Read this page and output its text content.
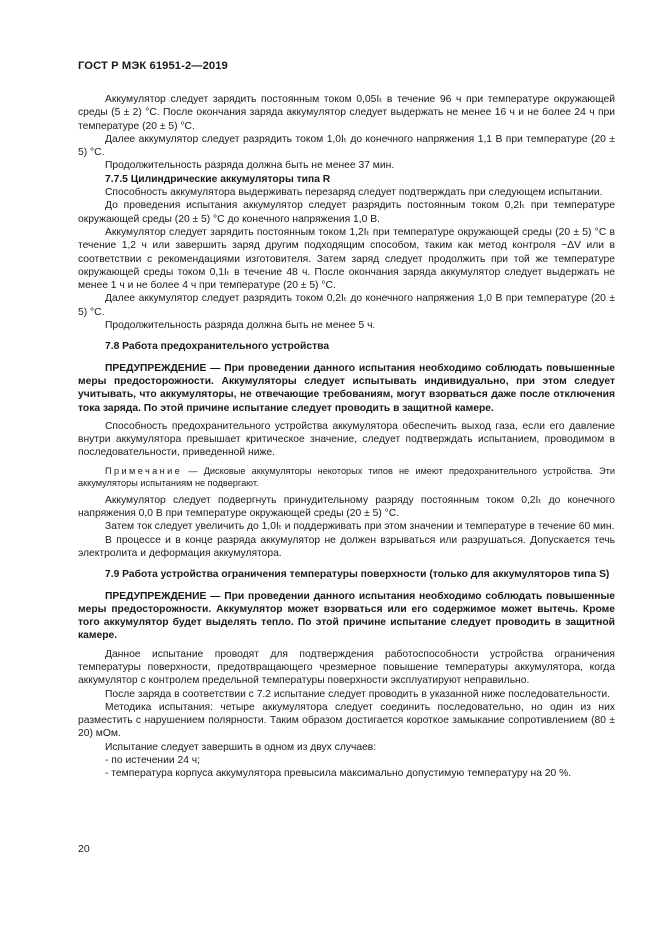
ГОСТ Р МЭК 61951-2—2019

Аккумулятор следует зарядить постоянным током 0,05Iₜ в течение 96 ч при температуре окружающей среды (5 ± 2) °С. После окончания заряда аккумулятор следует выдержать не менее 16 ч и не более 24 ч при температуре (20 ± 5) °С.

Далее аккумулятор следует разрядить током 1,0Iₜ до конечного напряжения 1,1 В при температуре (20 ± 5) °С.

Продолжительность разряда должна быть не менее 37 мин.

7.7.5 Цилиндрические аккумуляторы типа R

Способность аккумулятора выдерживать перезаряд следует подтверждать при следующем испытании.

До проведения испытания аккумулятор следует разрядить постоянным током 0,2Iₜ при температуре окружающей среды (20 ± 5) °С до конечного напряжения 1,0 В.

Аккумулятор следует зарядить постоянным током 1,2Iₜ при температуре окружающей среды (20 ± 5) °С в течение 1,2 ч или завершить заряд другим подходящим способом, таким как метод контроля −ΔV или в соответствии с рекомендациями изготовителя. Затем заряд следует продолжить при той же температуре окружающей среды током 0,1Iₜ в течение 48 ч. После окончания заряда аккумулятор следует выдержать не менее 1 ч и не более 4 ч при температуре (20 ± 5) °С.

Далее аккумулятор следует разрядить током 0,2Iₜ до конечного напряжения 1,0 В при температуре (20 ± 5) °С.

Продолжительность разряда должна быть не менее 5 ч.

7.8 Работа предохранительного устройства

ПРЕДУПРЕЖДЕНИЕ — При проведении данного испытания необходимо соблюдать повышенные меры предосторожности. Аккумуляторы следует испытывать индивидуально, при этом следует учитывать, что аккумуляторы, не отвечающие требованиям, могут взорваться даже после отключения тока заряда. По этой причине испытание следует проводить в защитной камере.

Способность предохранительного устройства аккумулятора обеспечить выход газа, если его давление внутри аккумулятора превышает критическое значение, следует подтверждать испытанием, проводимом в последовательности, приведенной ниже.

Примечание — Дисковые аккумуляторы некоторых типов не имеют предохранительного устройства. Эти аккумуляторы испытаниям не подвергают.

Аккумулятор следует подвергнуть принудительному разряду постоянным током 0,2Iₜ до конечного напряжения 0,0 В при температуре окружающей среды (20 ± 5) °С.

Затем ток следует увеличить до 1,0Iₜ и поддерживать при этом значении и температуре в течение 60 мин.

В процессе и в конце разряда аккумулятор не должен взрываться или разрушаться. Допускается течь электролита и деформация аккумулятора.

7.9 Работа устройства ограничения температуры поверхности (только для аккумуляторов типа S)

ПРЕДУПРЕЖДЕНИЕ — При проведении данного испытания необходимо соблюдать повышенные меры предосторожности. Аккумулятор может взорваться или его содержимое может вытечь. Кроме того аккумулятор будет выделять тепло. По этой причине испытание следует проводить в защитной камере.

Данное испытание проводят для подтверждения работоспособности устройства ограничения температуры поверхности, предотвращающего чрезмерное повышение температуры аккумулятора, когда аккумулятор с контролем предельной температуры поверхности эксплуатируют неправильно.

После заряда в соответствии с 7.2 испытание следует проводить в указанной ниже последовательности.

Методика испытания: четыре аккумулятора следует соединить последовательно, но один из них разместить с нарушением полярности. Таким образом достигается короткое замыкание сопротивлением (80 ± 20) мОм.

Испытание следует завершить в одном из двух случаев:

- по истечении 24 ч;

- температура корпуса аккумулятора превысила максимально допустимую температуру на 20 %.

20
